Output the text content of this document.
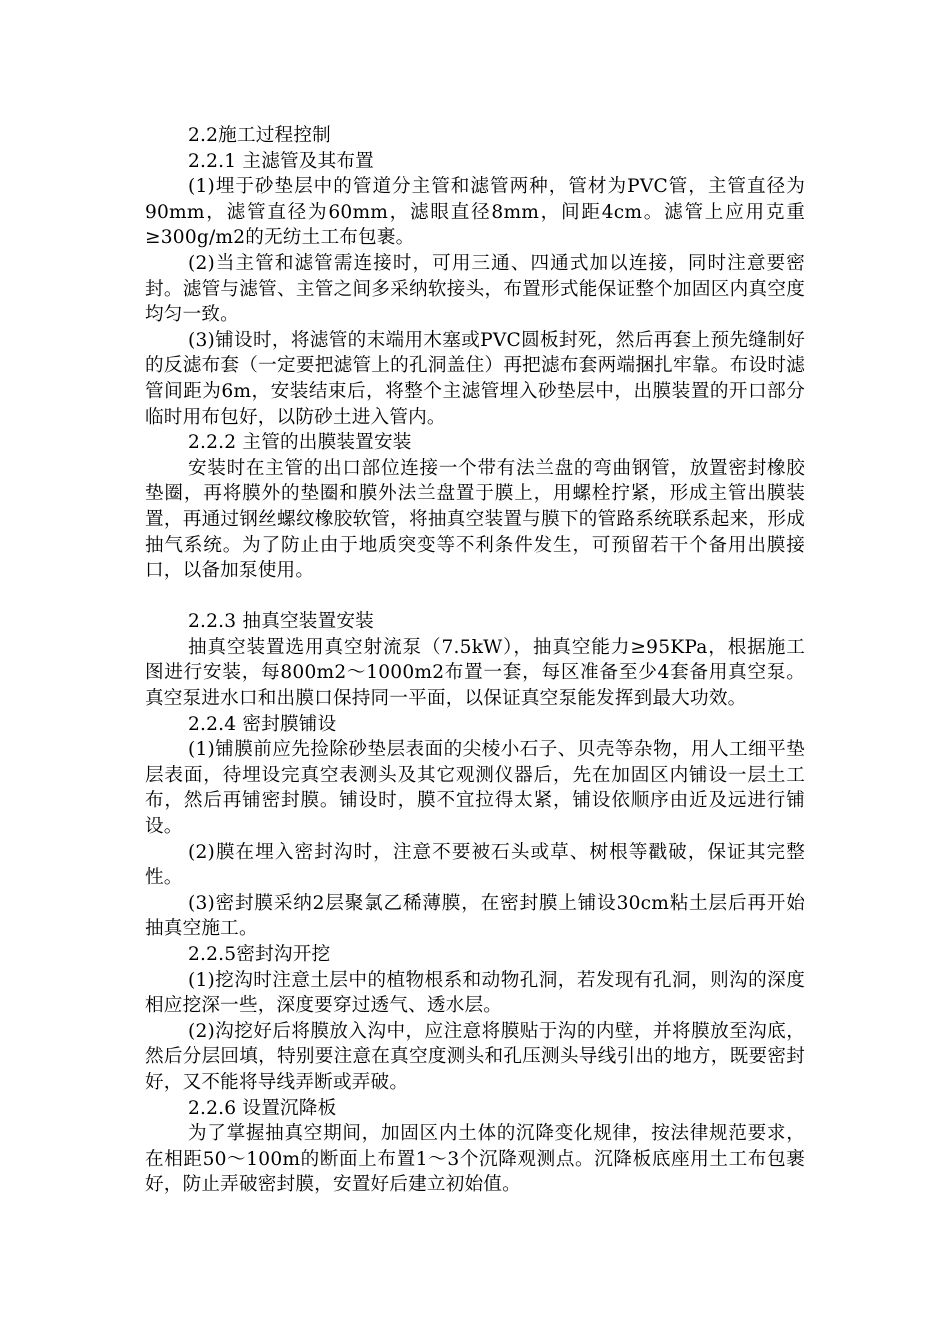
2.2施工过程控制

2.2.1 主滤管及其布置

(1)埋于砂垫层中的管道分主管和滤管两种，管材为PVC管，主管直径为90mm，滤管直径为60mm，滤眼直径8mm，间距4cm。滤管上应用克重≥300g/m2的无纺土工布包裹。

(2)当主管和滤管需连接时，可用三通、四通式加以连接，同时注意要密封。滤管与滤管、主管之间多采纳软接头，布置形式能保证整个加固区内真空度均匀一致。

(3)铺设时，将滤管的末端用木塞或PVC圆板封死，然后再套上预先缝制好的反滤布套（一定要把滤管上的孔洞盖住）再把滤布套两端捆扎牢靠。布设时滤管间距为6m，安装结束后，将整个主滤管埋入砂垫层中，出膜装置的开口部分临时用布包好，以防砂土进入管内。

2.2.2 主管的出膜装置安装

安装时在主管的出口部位连接一个带有法兰盘的弯曲钢管，放置密封橡胶垫圈，再将膜外的垫圈和膜外法兰盘置于膜上，用螺栓拧紧，形成主管出膜装置，再通过钢丝螺纹橡胶软管，将抽真空装置与膜下的管路系统联系起来，形成抽气系统。为了防止由于地质突变等不利条件发生，可预留若干个备用出膜接口，以备加泵使用。

2.2.3 抽真空装置安装

抽真空装置选用真空射流泵（7.5kW），抽真空能力≥95KPa，根据施工图进行安装，每800m2～1000m2布置一套，每区准备至少4套备用真空泵。真空泵进水口和出膜口保持同一平面，以保证真空泵能发挥到最大功效。

2.2.4 密封膜铺设

(1)铺膜前应先捡除砂垫层表面的尖棱小石子、贝壳等杂物，用人工细平垫层表面，待埋设完真空表测头及其它观测仪器后，先在加固区内铺设一层土工布，然后再铺密封膜。铺设时，膜不宜拉得太紧，铺设依顺序由近及远进行铺设。

(2)膜在埋入密封沟时，注意不要被石头或草、树根等戳破，保证其完整性。

(3)密封膜采纳2层聚氯乙稀薄膜，在密封膜上铺设30cm粘土层后再开始抽真空施工。

2.2.5密封沟开挖

(1)挖沟时注意土层中的植物根系和动物孔洞，若发现有孔洞，则沟的深度相应挖深一些，深度要穿过透气、透水层。

(2)沟挖好后将膜放入沟中，应注意将膜贴于沟的内壁，并将膜放至沟底，然后分层回填，特别要注意在真空度测头和孔压测头导线引出的地方，既要密封好，又不能将导线弄断或弄破。

2.2.6 设置沉降板

为了掌握抽真空期间，加固区内土体的沉降变化规律，按法律规范要求，在相距50～100m的断面上布置1～3个沉降观测点。沉降板底座用土工布包裹好，防止弄破密封膜，安置好后建立初始值。
